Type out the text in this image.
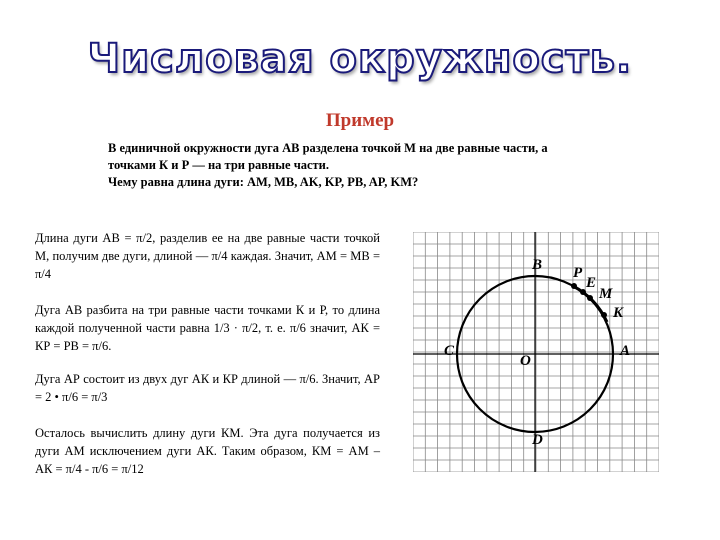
Числовая окружность.
Пример
В единичной окружности дуга АВ разделена точкой М на две равные части, а
точками К и Р — на три равные части.
Чему равна длина дуги: AM, MB, AK, KP, PB, AP, KM?
Длина дуги АВ = π/2, разделив ее на две равные части точкой М, получим две дуги, длиной — π/4 каждая. Значит, AM = MB = π/4
Дуга АВ разбита на три равные части точками К и Р, то длина каждой полученной части равна 1/3 · π/2, т. е. π/6 значит, АК = КР = РВ = π/6.
Дуга АР состоит из двух дуг АК и КР длиной — π/6. Значит, АР = 2 • π/6 = π/3
Осталось вычислить длину дуги КМ. Эта дуга получается из дуги AM исключением дуги АК. Таким образом, КМ = AM – АК = π/4 - π/6 = π/12
B P
E
M
K
C
O
A
D
